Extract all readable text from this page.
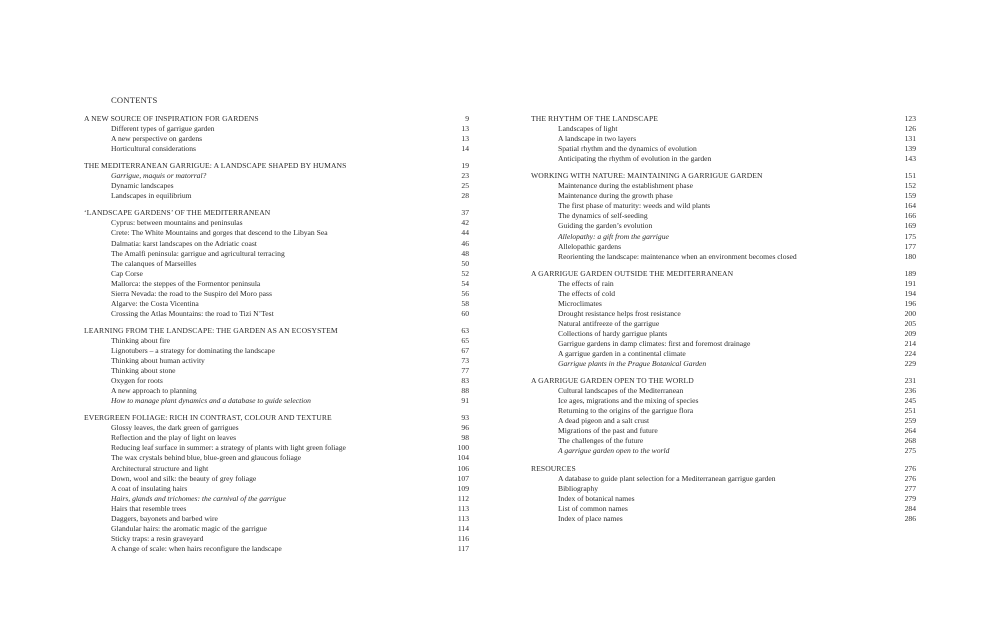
CONTENTS
A NEW SOURCE OF INSPIRATION FOR GARDENS	9
Different types of garrigue garden	13
A new perspective on gardens	13
Horticultural considerations	14
THE MEDITERRANEAN GARRIGUE: A LANDSCAPE SHAPED BY HUMANS	19
Garrigue, maquis or matorral?	23
Dynamic landscapes	25
Landscapes in equilibrium	28
‘LANDSCAPE GARDENS’ OF THE MEDITERRANEAN	37
Cyprus: between mountains and peninsulas	42
Crete: The White Mountains and gorges that descend to the Libyan Sea	44
Dalmatia: karst landscapes on the Adriatic coast	46
The Amalfi peninsula: garrigue and agricultural terracing	48
The calanques of Marseilles	50
Cap Corse	52
Mallorca: the steppes of the Formentor peninsula	54
Sierra Nevada: the road to the Suspiro del Moro pass	56
Algarve: the Costa Vicentina	58
Crossing the Atlas Mountains: the road to Tizi N’Test	60
LEARNING FROM THE LANDSCAPE: THE GARDEN AS AN ECOSYSTEM	63
Thinking about fire	65
Lignotubers – a strategy for dominating the landscape	67
Thinking about human activity	73
Thinking about stone	77
Oxygen for roots	83
A new approach to planning	88
How to manage plant dynamics and a database to guide selection	91
EVERGREEN FOLIAGE: RICH IN CONTRAST, COLOUR AND TEXTURE	93
Glossy leaves, the dark green of garrigues	96
Reflection and the play of light on leaves	98
Reducing leaf surface in summer: a strategy of plants with light green foliage	100
The wax crystals behind blue, blue-green and glaucous foliage	104
Architectural structure and light	106
Down, wool and silk: the beauty of grey foliage	107
A coat of insulating hairs	109
Hairs, glands and trichomes: the carnival of the garrigue	112
Hairs that resemble trees	113
Daggers, bayonets and barbed wire	113
Glandular hairs: the aromatic magic of the garrigue	114
Sticky traps: a resin graveyard	116
A change of scale: when hairs reconfigure the landscape	117
THE RHYTHM OF THE LANDSCAPE	123
Landscapes of light	126
A landscape in two layers	131
Spatial rhythm and the dynamics of evolution	139
Anticipating the rhythm of evolution in the garden	143
WORKING WITH NATURE: MAINTAINING A GARRIGUE GARDEN	151
Maintenance during the establishment phase	152
Maintenance during the growth phase	159
The first phase of maturity: weeds and wild plants	164
The dynamics of self-seeding	166
Guiding the garden’s evolution	169
Allelopathy: a gift from the garrigue	175
Allelopathic gardens	177
Reorienting the landscape: maintenance when an environment becomes closed	180
A GARRIGUE GARDEN OUTSIDE THE MEDITERRANEAN	189
The effects of rain	191
The effects of cold	194
Microclimates	196
Drought resistance helps frost resistance	200
Natural antifreeze of the garrigue	205
Collections of hardy garrigue plants	209
Garrigue gardens in damp climates: first and foremost drainage	214
A garrigue garden in a continental climate	224
Garrigue plants in the Prague Botanical Garden	229
A GARRIGUE GARDEN OPEN TO THE WORLD	231
Cultural landscapes of the Mediterranean	236
Ice ages, migrations and the mixing of species	245
Returning to the origins of the garrigue flora	251
A dead pigeon and a salt crust	259
Migrations of the past and future	264
The challenges of the future	268
A garrigue garden open to the world	275
RESOURCES	276
A database to guide plant selection for a Mediterranean garrigue garden	276
Bibliography	277
Index of botanical names	279
List of common names	284
Index of place names	286
